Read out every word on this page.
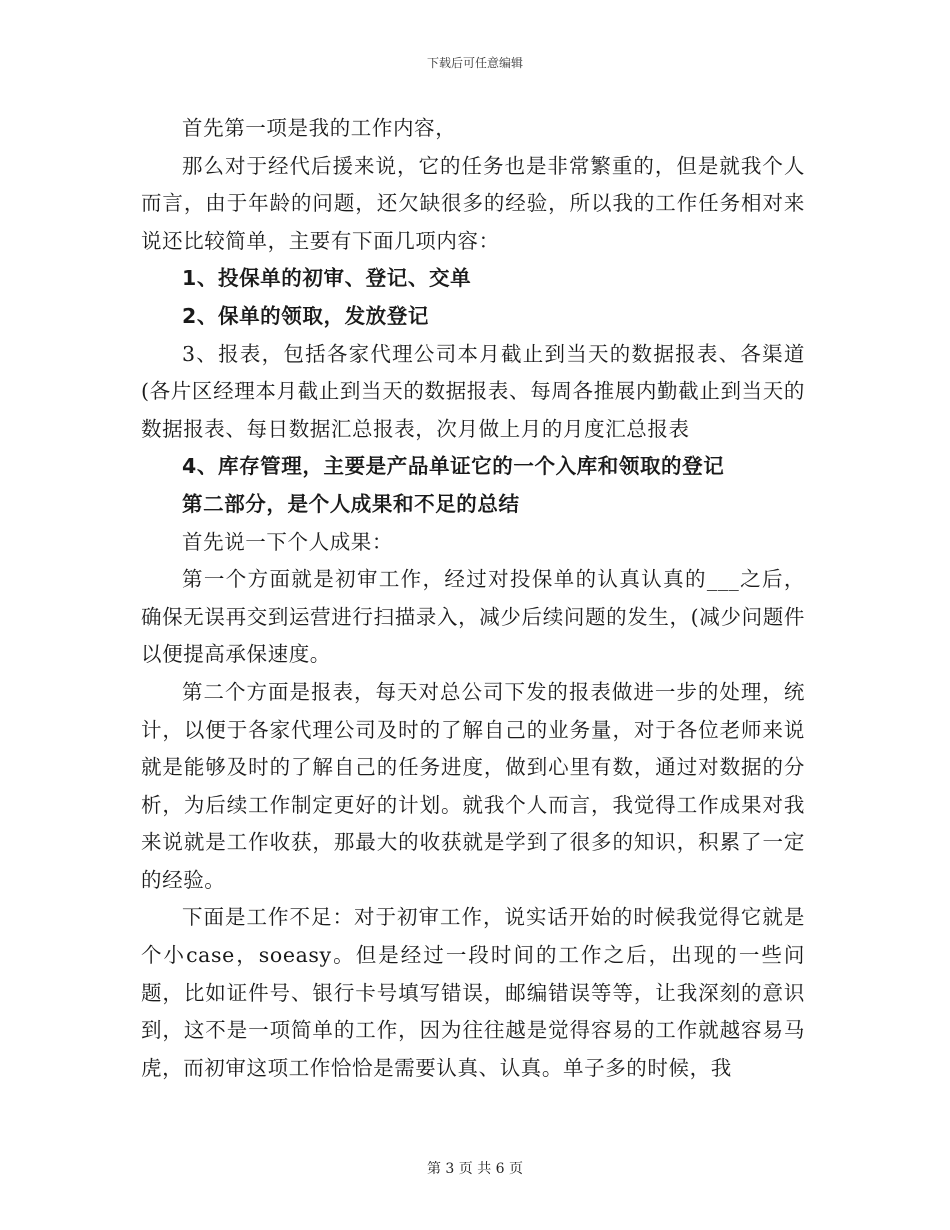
下载后可任意编辑

首先第一项是我的工作内容，

那么对于经代后援来说，它的任务也是非常繁重的，但是就我个人而言，由于年龄的问题，还欠缺很多的经验，所以我的工作任务相对来说还比较简单，主要有下面几项内容：

1、投保单的初审、登记、交单

2、保单的领取，发放登记

3、报表，包括各家代理公司本月截止到当天的数据报表、各渠道(各片区经理本月截止到当天的数据报表、每周各推展内勤截止到当天的数据报表、每日数据汇总报表，次月做上月的月度汇总报表

4、库存管理，主要是产品单证它的一个入库和领取的登记

第二部分，是个人成果和不足的总结

首先说一下个人成果：

第一个方面就是初审工作，经过对投保单的认真认真的___之后，确保无误再交到运营进行扫描录入，减少后续问题的发生，(减少问题件以便提高承保速度。

第二个方面是报表，每天对总公司下发的报表做进一步的处理，统计，以便于各家代理公司及时的了解自己的业务量，对于各位老师来说就是能够及时的了解自己的任务进度，做到心里有数，通过对数据的分析，为后续工作制定更好的计划。就我个人而言，我觉得工作成果对我来说就是工作收获，那最大的收获就是学到了很多的知识，积累了一定的经验。

下面是工作不足：对于初审工作，说实话开始的时候我觉得它就是个小case，soeasy。但是经过一段时间的工作之后，出现的一些问题，比如证件号、银行卡号填写错误，邮编错误等等，让我深刻的意识到，这不是一项简单的工作，因为往往越是觉得容易的工作就越容易马虎，而初审这项工作恰恰是需要认真、认真。单子多的时候，我

第 3 页 共 6 页
